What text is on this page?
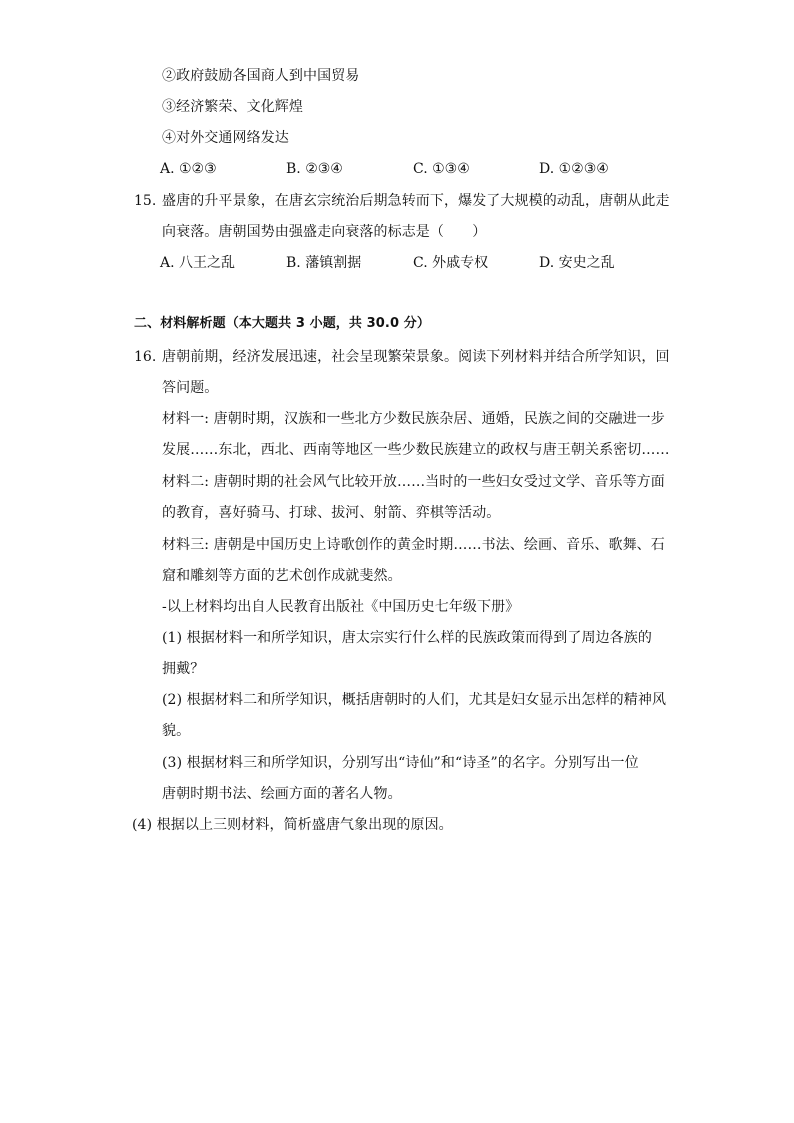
②政府鼓励各国商人到中国贸易
③经济繁荣、文化辉煌
④对外交通网络发达
A. ①②③	B. ②③④	C. ①③④	D. ①②③④
15. 盛唐的升平景象，在唐玄宗统治后期急转而下，爆发了大规模的动乱，唐朝从此走
向衰落。唐朝国势由强盛走向衰落的标志是（　　）
A. 八王之乱	B. 藩镇割据	C. 外戚专权	D. 安史之乱
二、材料解析题（本大题共 3 小题，共 30.0 分）
16. 唐朝前期，经济发展迅速，社会呈现繁荣景象。阅读下列材料并结合所学知识，回
答问题。
材料一: 唐朝时期，汉族和一些北方少数民族杂居、通婚，民族之间的交融进一步
发展……东北，西北、西南等地区一些少数民族建立的政权与唐王朝关系密切……
材料二: 唐朝时期的社会风气比较开放……当时的一些妇女受过文学、音乐等方面
的教育，喜好骑马、打球、拔河、射箭、弈棋等活动。
材料三: 唐朝是中国历史上诗歌创作的黄金时期……书法、绘画、音乐、歌舞、石
窟和雕刻等方面的艺术创作成就斐然。
-以上材料均出自人民教育出版社《中国历史七年级下册》
(1) 根据材料一和所学知识，唐太宗实行什么样的民族政策而得到了周边各族的
拥戴？
(2) 根据材料二和所学知识，概括唐朝时的人们，尤其是妇女显示出怎样的精神风
貌。
(3) 根据材料三和所学知识，分别写出“诗仙”和“诗圣”的名字。分别写出一位
唐朝时期书法、绘画方面的著名人物。
(4) 根据以上三则材料，简析盛唐气象出现的原因。
